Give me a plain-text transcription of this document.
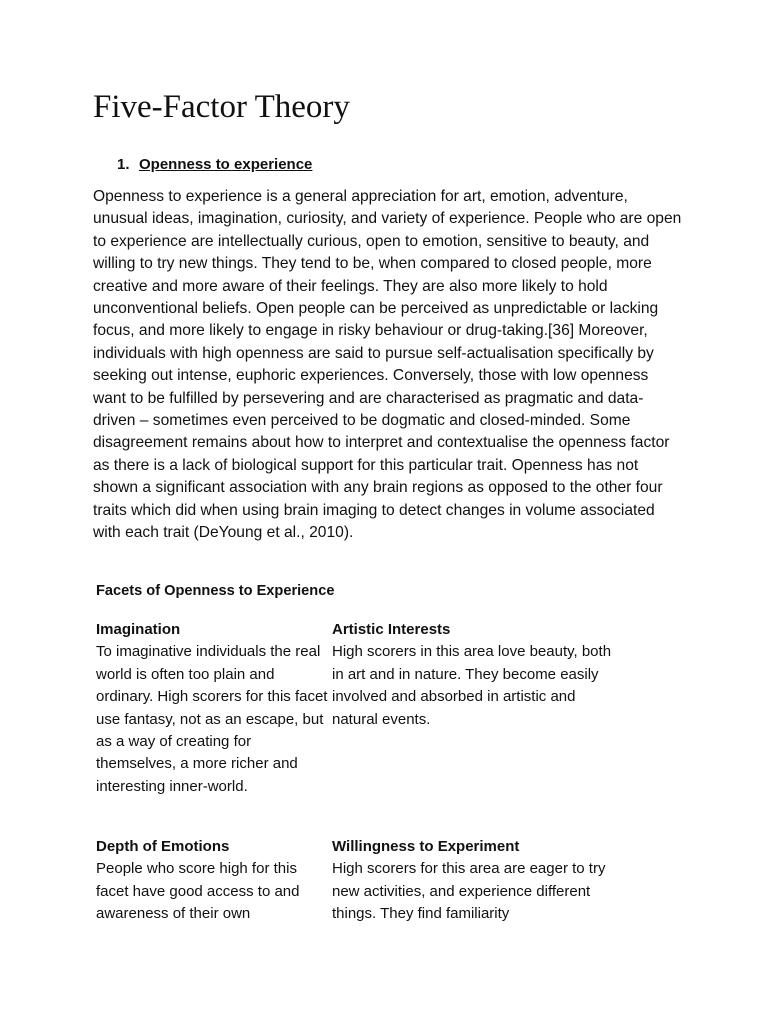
Five-Factor Theory
1. Openness to experience

Openness to experience is a general appreciation for art, emotion, adventure, unusual ideas, imagination, curiosity, and variety of experience. People who are open to experience are intellectually curious, open to emotion, sensitive to beauty, and willing to try new things. They tend to be, when compared to closed people, more creative and more aware of their feelings. They are also more likely to hold unconventional beliefs. Open people can be perceived as unpredictable or lacking focus, and more likely to engage in risky behaviour or drug-taking.[36] Moreover, individuals with high openness are said to pursue self-actualisation specifically by seeking out intense, euphoric experiences. Conversely, those with low openness want to be fulfilled by persevering and are characterised as pragmatic and data-driven – sometimes even perceived to be dogmatic and closed-minded. Some disagreement remains about how to interpret and contextualise the openness factor as there is a lack of biological support for this particular trait. Openness has not shown a significant association with any brain regions as opposed to the other four traits which did when using brain imaging to detect changes in volume associated with each trait (DeYoung et al., 2010).

Facets of Openness to Experience
Imagination
To imaginative individuals the real world is often too plain and ordinary. High scorers for this facet use fantasy, not as an escape, but as a way of creating for themselves, a more richer and interesting inner-world.
Artistic Interests
High scorers in this area love beauty, both in art and in nature. They become easily involved and absorbed in artistic and natural events.
Depth of Emotions
People who score high for this facet have good access to and awareness of their own
Willingness to Experiment
High scorers for this area are eager to try new activities, and experience different things. They find familiarity
